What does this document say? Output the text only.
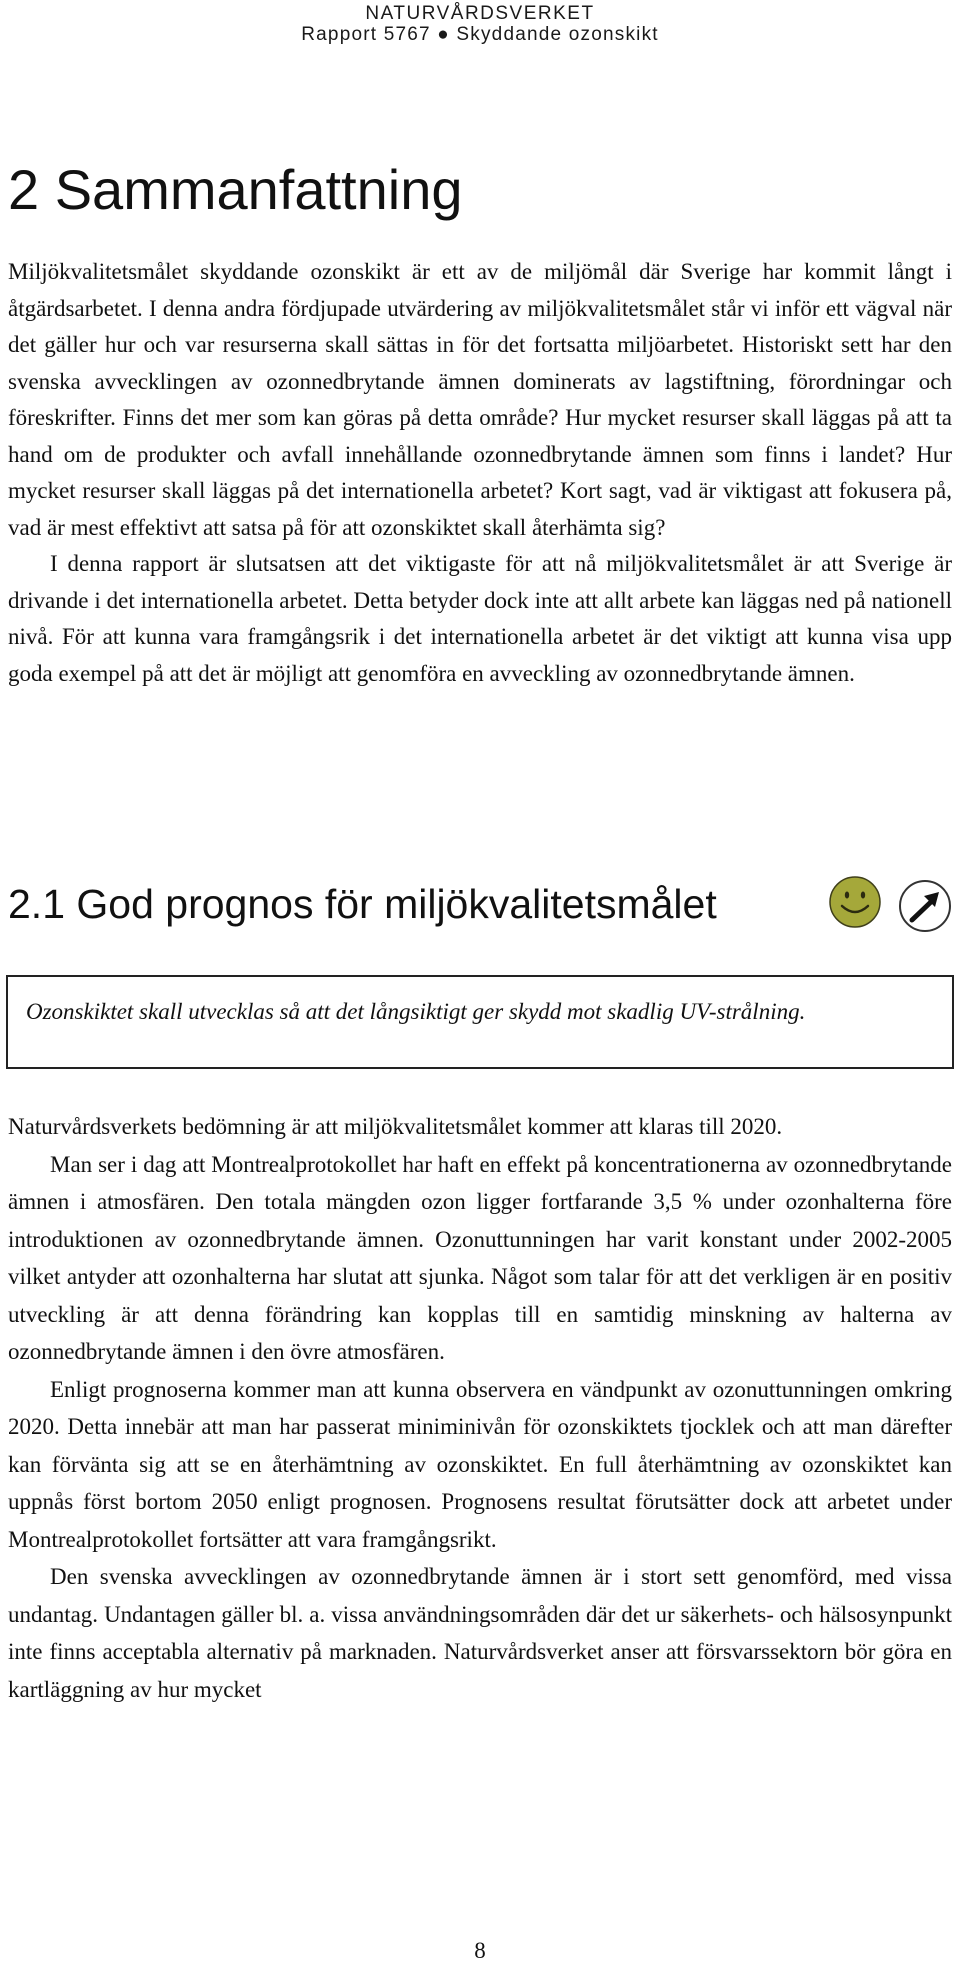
NATURVÅRDSVERKET
Rapport 5767 ● Skyddande ozonskikt
2 Sammanfattning

Miljökvalitetsmålet skyddande ozonskikt är ett av de miljömål där Sverige har kommit långt i åtgärdsarbetet. I denna andra fördjupade utvärdering av miljökvalitetsmålet står vi inför ett vägval när det gäller hur och var resurserna skall sättas in för det fortsatta miljöarbetet. Historiskt sett har den svenska avvecklingen av ozonnedbrytande ämnen dominerats av lagstiftning, förordningar och föreskrifter. Finns det mer som kan göras på detta område? Hur mycket resurser skall läggas på att ta hand om de produkter och avfall innehållande ozonnedbrytande ämnen som finns i landet? Hur mycket resurser skall läggas på det internationella arbetet? Kort sagt, vad är viktigast att fokusera på, vad är mest effektivt att satsa på för att ozonskiktet skall återhämta sig?

I denna rapport är slutsatsen att det viktigaste för att nå miljökvalitetsmålet är att Sverige är drivande i det internationella arbetet. Detta betyder dock inte att allt arbete kan läggas ned på nationell nivå. För att kunna vara framgångsrik i det internationella arbetet är det viktigt att kunna visa upp goda exempel på att det är möjligt att genomföra en avveckling av ozonnedbrytande ämnen.

2.1 God prognos för miljökvalitetsmålet
Ozonskiktet skall utvecklas så att det långsiktigt ger skydd mot skadlig UV-strålning.

Naturvårdsverkets bedömning är att miljökvalitetsmålet kommer att klaras till 2020.

Man ser i dag att Montrealprotokollet har haft en effekt på koncentrationerna av ozonnedbrytande ämnen i atmosfären. Den totala mängden ozon ligger fortfarande 3,5 % under ozonhalterna före introduktionen av ozonnedbrytande ämnen. Ozonuttunningen har varit konstant under 2002-2005 vilket antyder att ozonhalterna har slutat att sjunka. Något som talar för att det verkligen är en positiv utveckling är att denna förändring kan kopplas till en samtidig minskning av halterna av ozonnedbrytande ämnen i den övre atmosfären.

Enligt prognoserna kommer man att kunna observera en vändpunkt av ozonuttunningen omkring 2020. Detta innebär att man har passerat miniminivån för ozonskiktets tjocklek och att man därefter kan förvänta sig att se en återhämtning av ozonskiktet. En full återhämtning av ozonskiktet kan uppnås först bortom 2050 enligt prognosen. Prognosens resultat förutsätter dock att arbetet under Montrealprotokollet fortsätter att vara framgångsrikt.

Den svenska avvecklingen av ozonnedbrytande ämnen är i stort sett genomförd, med vissa undantag. Undantagen gäller bl. a. vissa användningsområden där det ur säkerhets- och hälsosynpunkt inte finns acceptabla alternativ på marknaden. Naturvårdsverket anser att försvarssektorn bör göra en kartläggning av hur mycket

8
